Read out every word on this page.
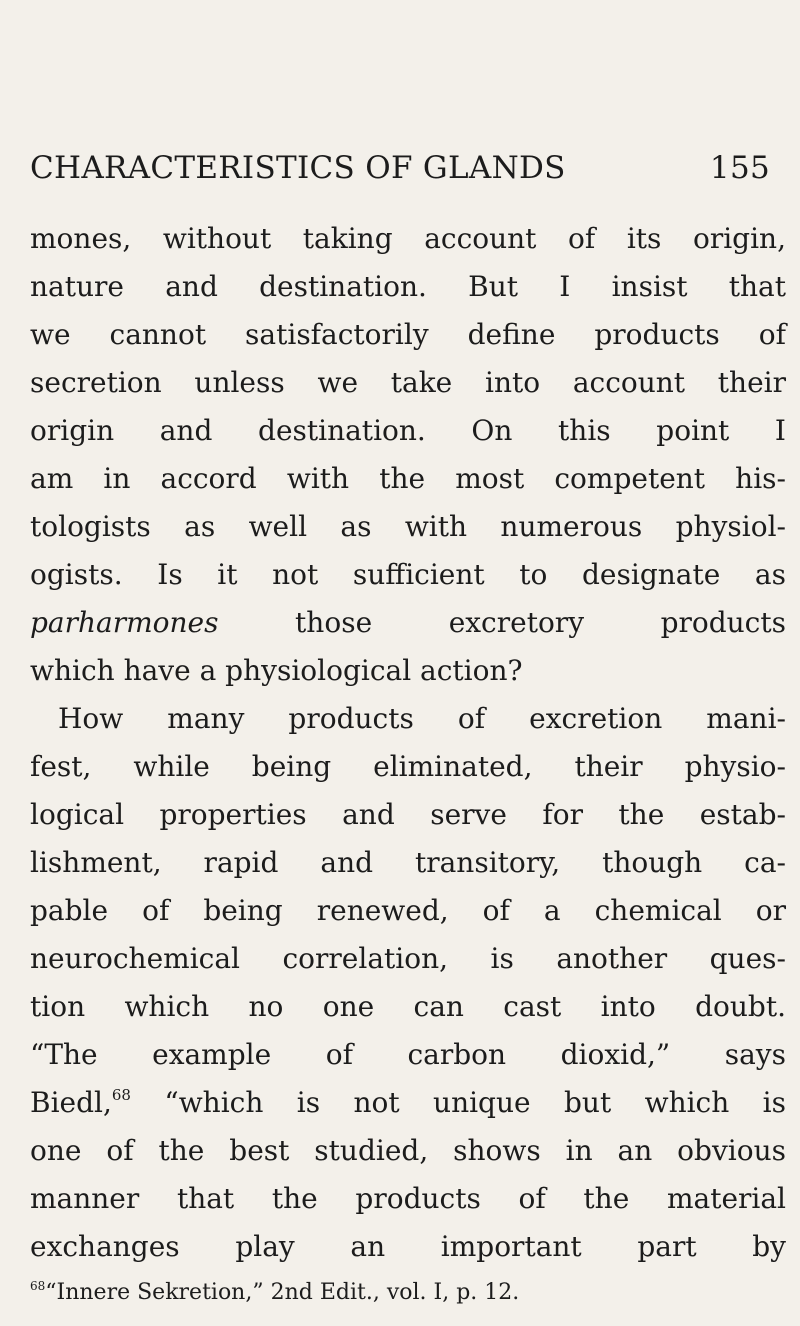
CHARACTERISTICS OF GLANDS	155
mones, without taking account of its origin,
nature and destination. But I insist that
we cannot satisfactorily define products of
secretion unless we take into account their
origin and destination. On this point I
am in accord with the most competent his-
tologists as well as with numerous physiol-
ogists. Is it not sufficient to designate as
parharmones those excretory products
which have a physiological action?
How many products of excretion mani-
fest, while being eliminated, their physio-
logical properties and serve for the estab-
lishment, rapid and transitory, though ca-
pable of being renewed, of a chemical or
neurochemical correlation, is another ques-
tion which no one can cast into doubt.
“The example of carbon dioxid,” says
Biedl,$^{68}$ “which is not unique but which is
one of the best studied, shows in an obvious
manner that the products of the material
exchanges play an important part by
$^{68}$“Innere Sekretion,” 2nd Edit., vol. I, p. 12.
